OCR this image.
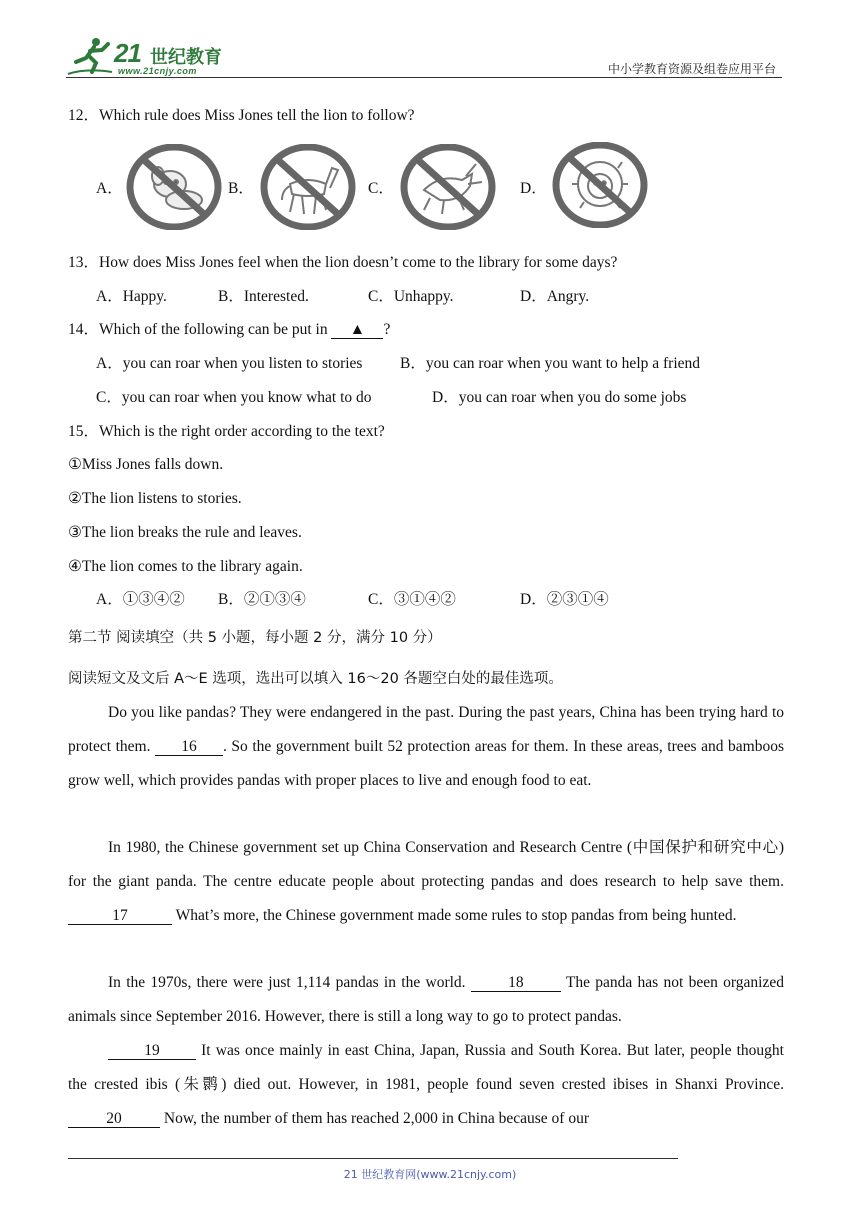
21 世纪教育
www.21cnjy.com	中小学教育资源及组卷应用平台
12．Which rule does Miss Jones tell the lion to follow?
A．	B．	C．	D．
13．How does Miss Jones feel when the lion doesn’t come to the library for some days?
A．Happy.	B．Interested.	C．Unhappy.	D．Angry.
14．Which of the following can be put in ▲ ?
A．you can roar when you listen to stories B．you can roar when you want to help a friend
C．you can roar when you know what to do	D．you can roar when you do some jobs
15．Which is the right order according to the text?
①Miss Jones falls down.
②The lion listens to stories.
③The lion breaks the rule and leaves.
④The lion comes to the library again.
A．①③④② B．②①③④	C．③①④②	D．②③①④
第二节 阅读填空（共 5 小题，每小题 2 分，满分 10 分）
阅读短文及文后 A～E 选项，选出可以填入 16～20 各题空白处的最佳选项。
Do you like pandas? They were endangered in the past. During the past years, China has been trying hard to protect them. 16 . So the government built 52 protection areas for them. In these areas, trees and bamboos grow well, which provides pandas with proper places to live and enough food to eat.
In 1980, the Chinese government set up China Conservation and Research Centre (中国保护和研究中心) for the giant panda. The centre educate people about protecting pandas and does research to help save them. 17	What’s more, the Chinese government made some rules to stop pandas from being hunted.
In the 1970s, there were just 1,114 pandas in the world. 18 The panda has not been organized animals since September 2016. However, there is still a long way to go to protect pandas.
19 It was once mainly in east China, Japan, Russia and South Korea. But later, people thought the crested ibis (朱鹮) died out. However, in 1981, people found seven crested ibises in Shanxi Province. 20 Now, the number of them has reached 2,000 in China because of our
21 世纪教育网(www.21cnjy.com)
